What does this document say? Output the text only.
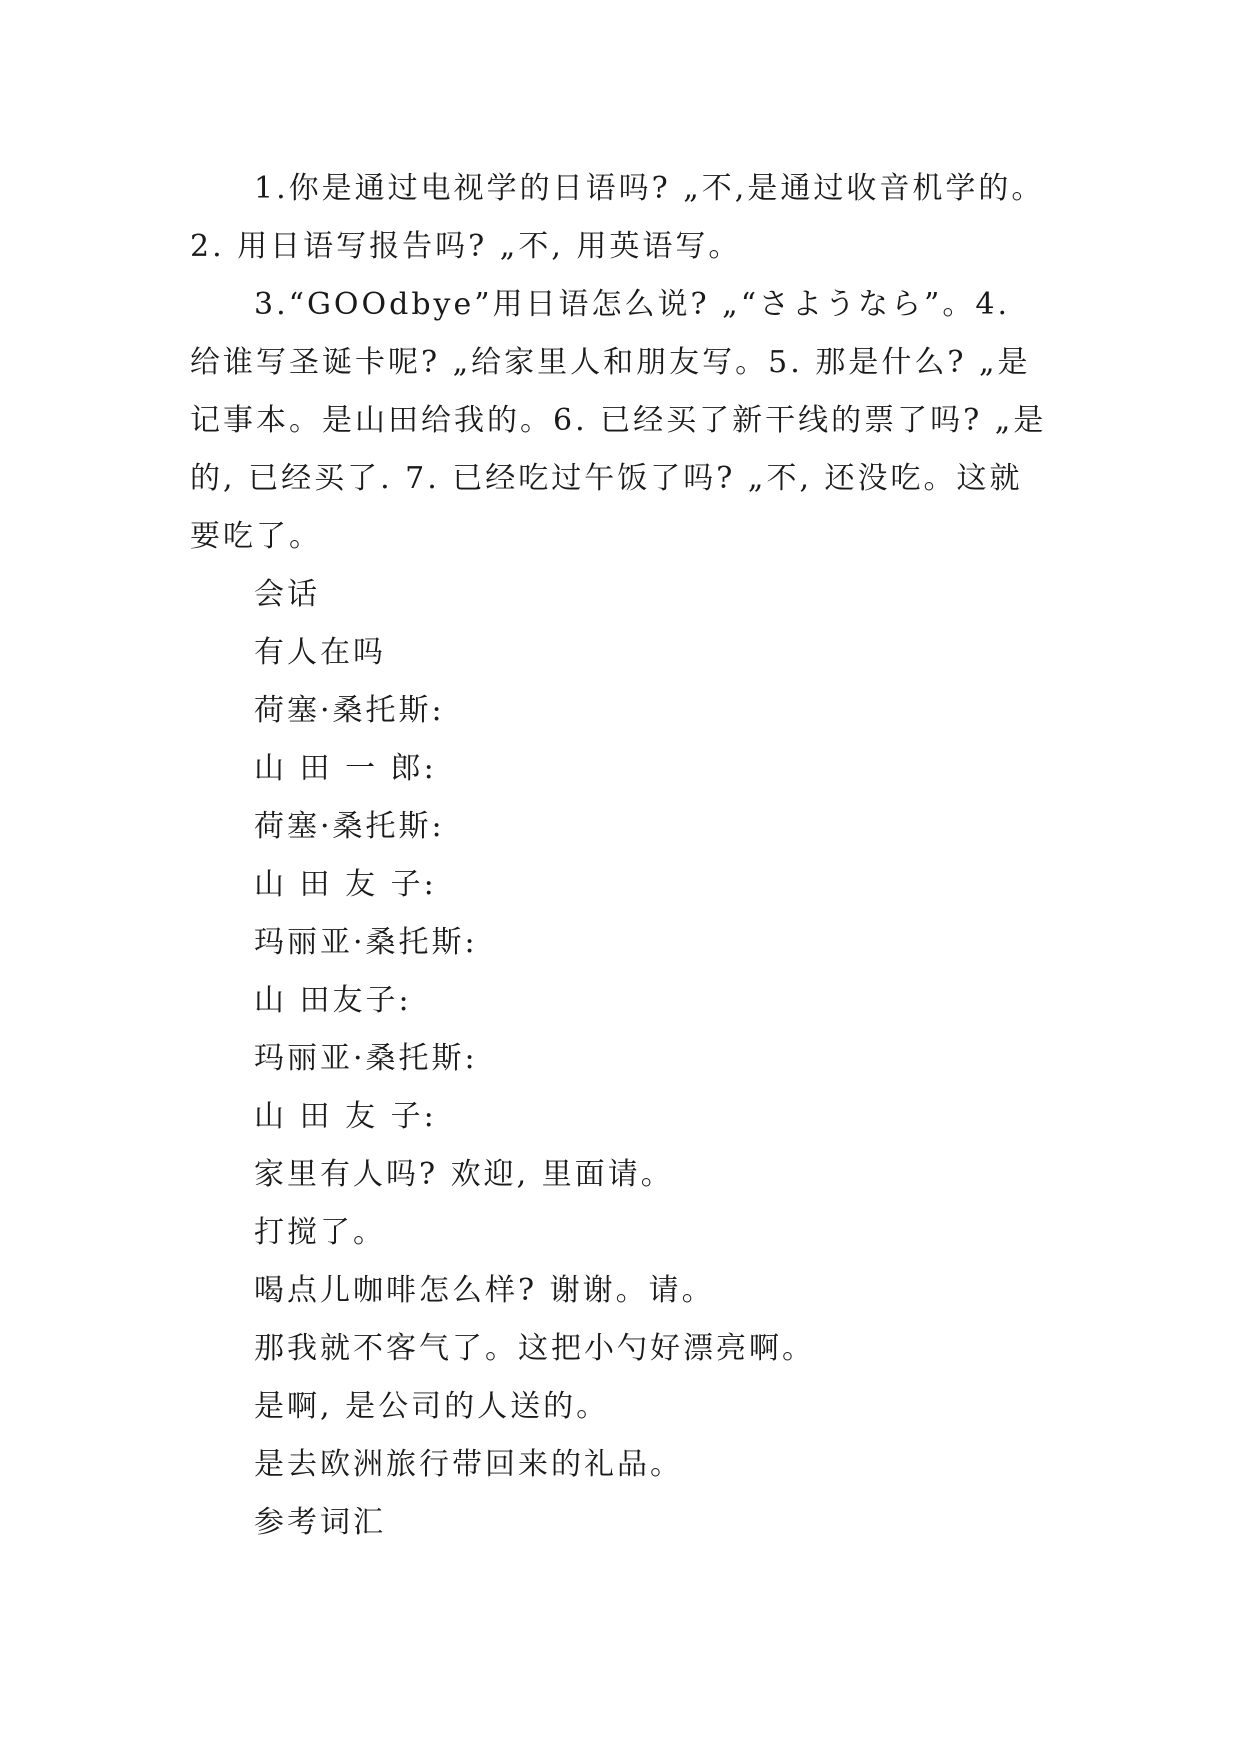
1.你是通过电视学的日语吗? „不,是通过收音机学的。

2. 用日语写报告吗? „不, 用英语写。

3.“GOOdbye”用日语怎么说? „“さようなら”。4. 给谁写圣诞卡呢? „给家里人和朋友写。5. 那是什么? „是记事本。是山田给我的。6. 已经买了新干线的票了吗? „是的, 已经买了. 7. 已经吃过午饭了吗? „不, 还没吃。这就要吃了。

会话
有人在吗
荷塞·桑托斯:
山 田 一 郎:
荷塞·桑托斯:
山 田 友 子:
玛丽亚·桑托斯:
山 田友子:
玛丽亚·桑托斯:
山 田 友 子:
家里有人吗? 欢迎, 里面请。
打搅了。
喝点儿咖啡怎么样? 谢谢。请。
那我就不客气了。这把小勺好漂亮啊。
是啊, 是公司的人送的。
是去欧洲旅行带回来的礼品。
参考词汇
